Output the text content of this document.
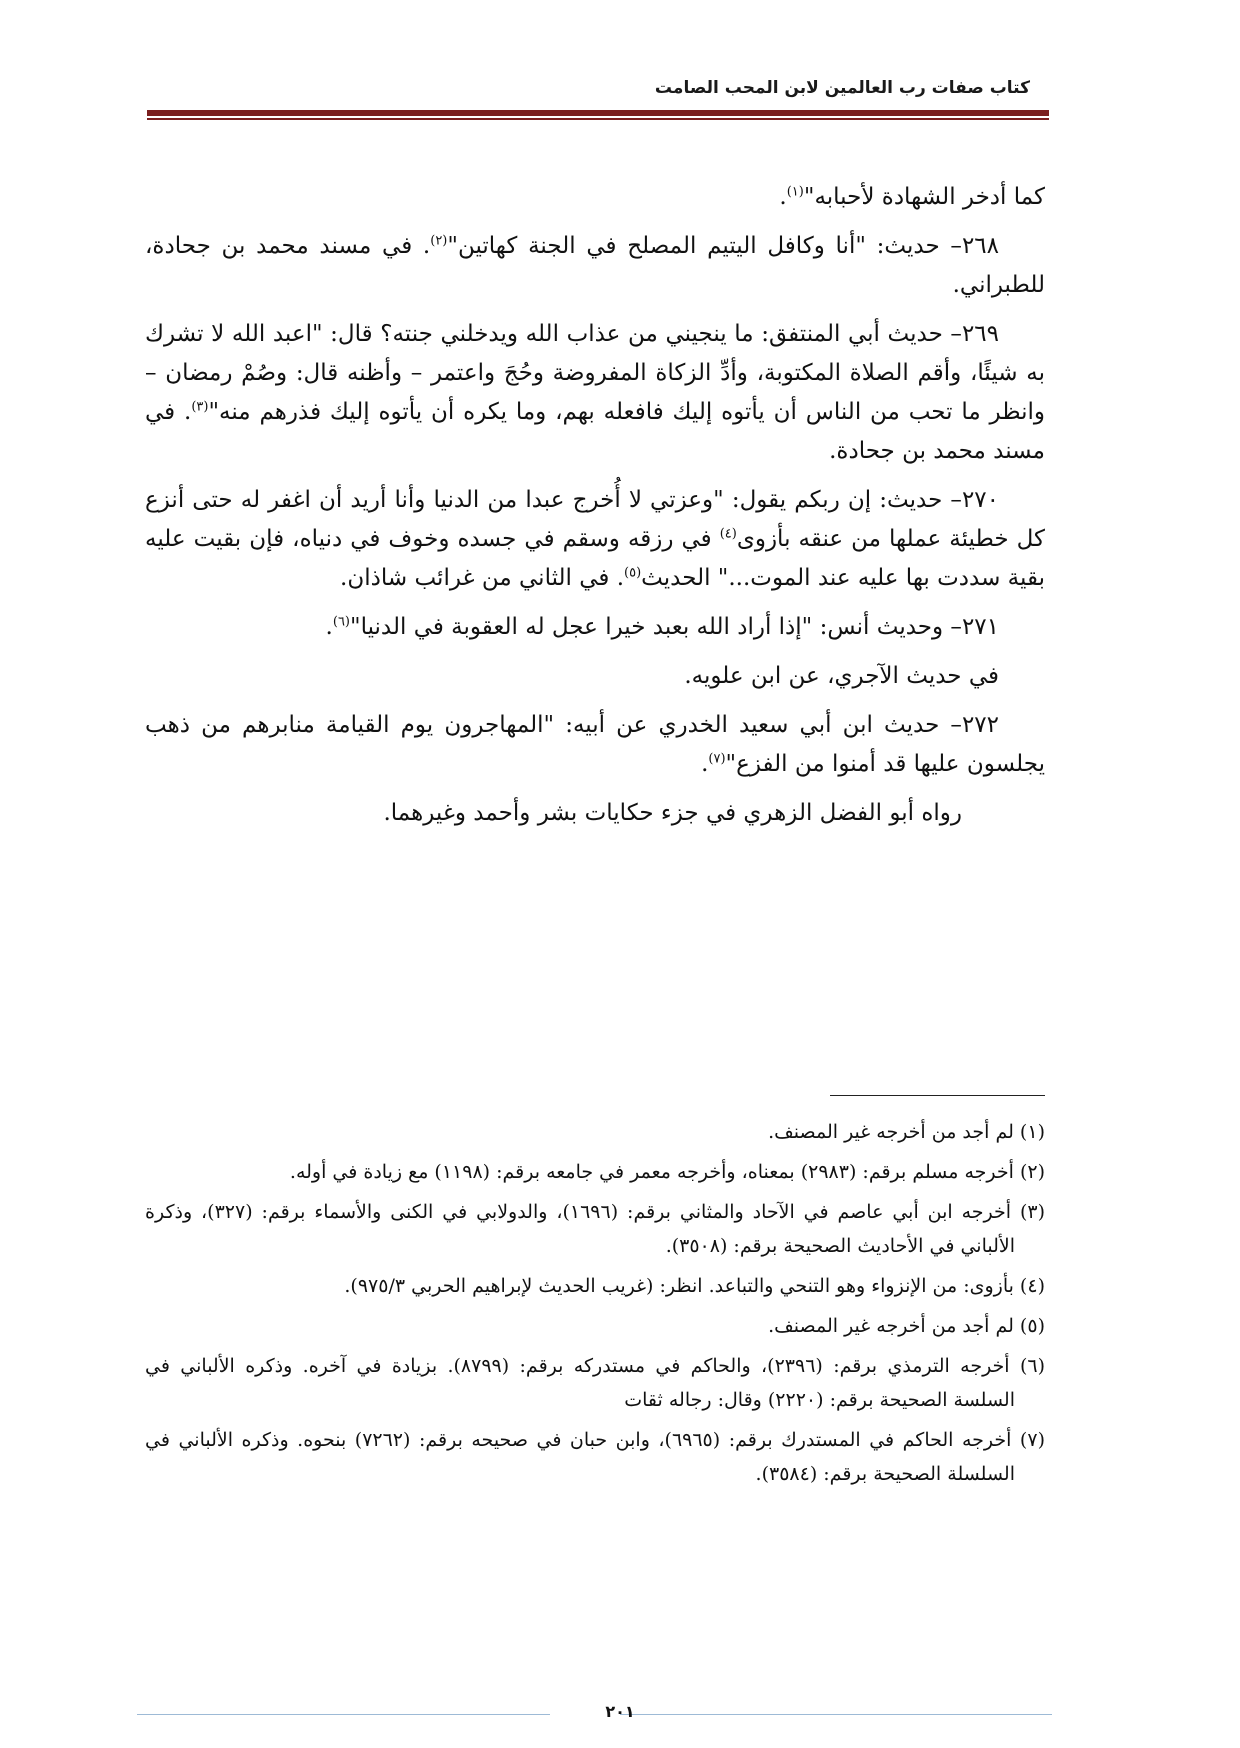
كتاب صفات رب العالمين لابن المحب الصامت

كما أدخر الشهادة لأحبابه"$^{(١)}$.

٢٦٨– حديث: "أنا وكافل اليتيم المصلح في الجنة كهاتين"$^{(٢)}$. في مسند محمد بن جحادة، للطبراني.

٢٦٩– حديث أبي المنتفق: ما ينجيني من عذاب الله ويدخلني جنته؟ قال: "اعبد الله لا تشرك به شيئًا، وأقم الصلاة المكتوبة، وأدِّ الزكاة المفروضة وحُجَ واعتمر – وأظنه قال: وصُمْ رمضان – وانظر ما تحب من الناس أن يأتوه إليك فافعله بهم، وما يكره أن يأتوه إليك فذرهم منه"$^{(٣)}$. في مسند محمد بن جحادة.

٢٧٠– حديث: إن ربكم يقول: "وعزتي لا أُخرج عبدا من الدنيا وأنا أريد أن اغفر له حتى أنزع كل خطيئة عملها من عنقه بأزوى$^{(٤)}$ في رزقه وسقم في جسده وخوف في دنياه، فإن بقيت عليه بقية سددت بها عليه عند الموت..." الحديث$^{(٥)}$. في الثاني من غرائب شاذان.

٢٧١– وحديث أنس: "إذا أراد الله بعبد خيرا عجل له العقوبة في الدنيا"$^{(٦)}$.

في حديث الآجري، عن ابن علويه.

٢٧٢– حديث ابن أبي سعيد الخدري عن أبيه: "المهاجرون يوم القيامة منابرهم من ذهب يجلسون عليها قد أمنوا من الفزع"$^{(٧)}$.

رواه أبو الفضل الزهري في جزء حكايات بشر وأحمد وغيرهما.

(١) لم أجد من أخرجه غير المصنف.

(٢) أخرجه مسلم برقم: (٢٩٨٣) بمعناه، وأخرجه معمر في جامعه برقم: (١١٩٨) مع زيادة في أوله.

(٣) أخرجه ابن أبي عاصم في الآحاد والمثاني برقم: (١٦٩٦)، والدولابي في الكنى والأسماء برقم: (٣٢٧)، وذكرة الألباني في الأحاديث الصحيحة برقم: (٣٥٠٨).

(٤) بأزوى: من الإنزواء وهو التنحي والتباعد. انظر: (غريب الحديث لإبراهيم الحربي ٩٧٥/٣).

(٥) لم أجد من أخرجه غير المصنف.

(٦) أخرجه الترمذي برقم: (٢٣٩٦)، والحاكم في مستدركه برقم: (٨٧٩٩). بزيادة في آخره. وذكره الألباني في السلسة الصحيحة برقم: (٢٢٢٠) وقال: رجاله ثقات

(٧) أخرجه الحاكم في المستدرك برقم: (٦٩٦٥)، وابن حبان في صحيحه برقم: (٧٢٦٢) بنحوه. وذكره الألباني في السلسلة الصحيحة برقم: (٣٥٨٤).

٢٠١
